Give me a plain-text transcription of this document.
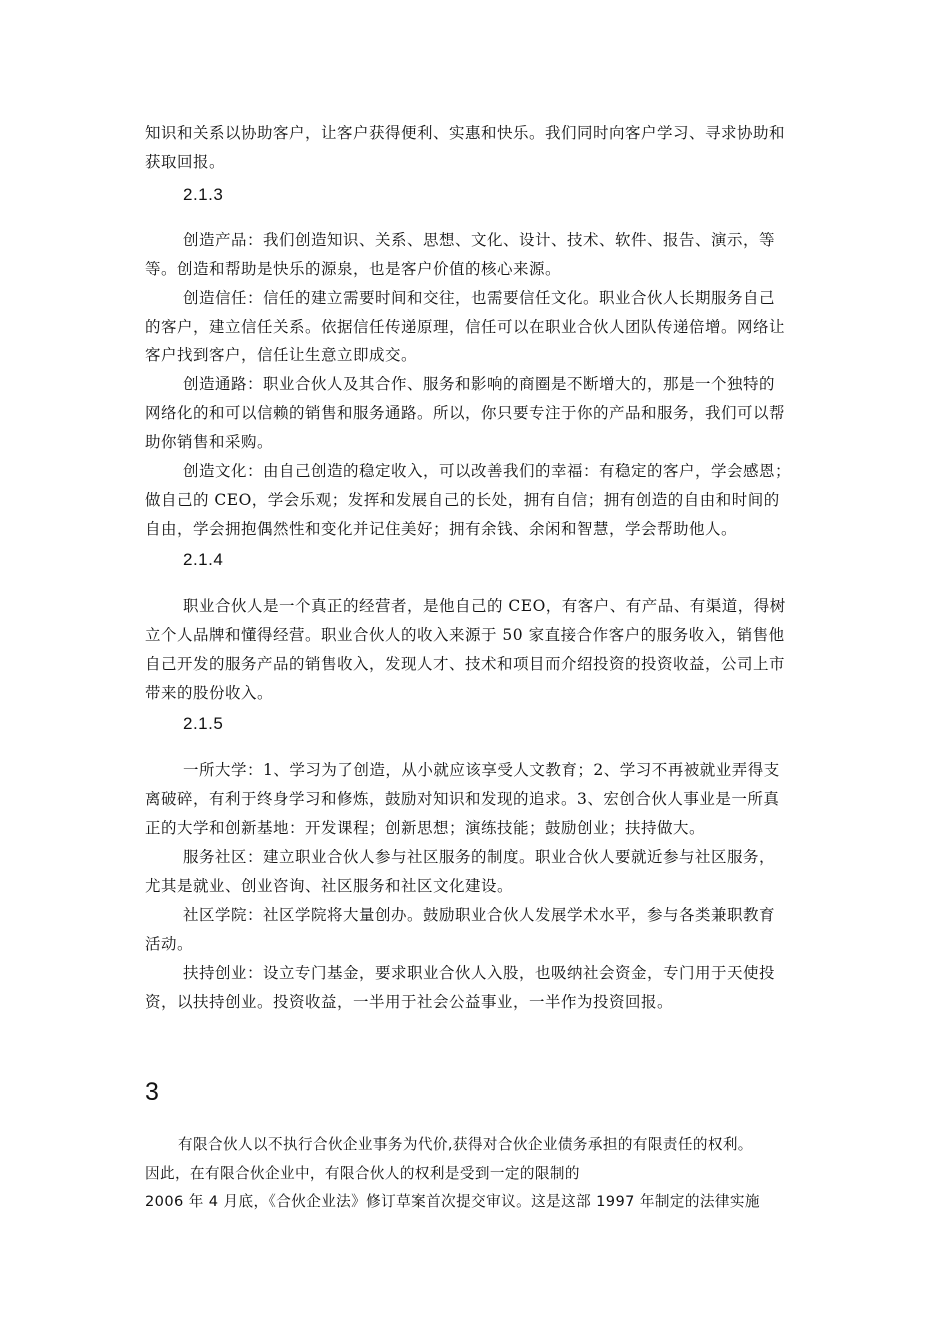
知识和关系以协助客户，让客户获得便利、实惠和快乐。我们同时向客户学习、寻求协助和
获取回报。
2.1.3
创造产品：我们创造知识、关系、思想、文化、设计、技术、软件、报告、演示，等
等。创造和帮助是快乐的源泉，也是客户价值的核心来源。
创造信任：信任的建立需要时间和交往，也需要信任文化。职业合伙人长期服务自己
的客户，建立信任关系。依据信任传递原理，信任可以在职业合伙人团队传递倍增。网络让
客户找到客户，信任让生意立即成交。
创造通路：职业合伙人及其合作、服务和影响的商圈是不断增大的，那是一个独特的
网络化的和可以信赖的销售和服务通路。所以，你只要专注于你的产品和服务，我们可以帮
助你销售和采购。
创造文化：由自己创造的稳定收入，可以改善我们的幸福：有稳定的客户，学会感恩；
做自己的 CEO，学会乐观；发挥和发展自己的长处，拥有自信；拥有创造的自由和时间的
自由，学会拥抱偶然性和变化并记住美好；拥有余钱、余闲和智慧，学会帮助他人。
2.1.4
职业合伙人是一个真正的经营者，是他自己的 CEO，有客户、有产品、有渠道，得树
立个人品牌和懂得经营。职业合伙人的收入来源于 50 家直接合作客户的服务收入，销售他
自己开发的服务产品的销售收入，发现人才、技术和项目而介绍投资的投资收益，公司上市
带来的股份收入。
2.1.5
一所大学：1、学习为了创造，从小就应该享受人文教育；2、学习不再被就业弄得支
离破碎，有利于终身学习和修炼，鼓励对知识和发现的追求。3、宏创合伙人事业是一所真
正的大学和创新基地：开发课程；创新思想；演练技能；鼓励创业；扶持做大。
服务社区：建立职业合伙人参与社区服务的制度。职业合伙人要就近参与社区服务，
尤其是就业、创业咨询、社区服务和社区文化建设。
社区学院：社区学院将大量创办。鼓励职业合伙人发展学术水平，参与各类兼职教育
活动。
扶持创业：设立专门基金，要求职业合伙人入股，也吸纳社会资金，专门用于天使投
资，以扶持创业。投资收益，一半用于社会公益事业，一半作为投资回报。
3
有限合伙人以不执行合伙企业事务为代价,获得对合伙企业债务承担的有限责任的权利。
因此，在有限合伙企业中，有限合伙人的权利是受到一定的限制的
2006 年 4 月底，《合伙企业法》修订草案首次提交审议。这是这部 1997 年制定的法律实施
